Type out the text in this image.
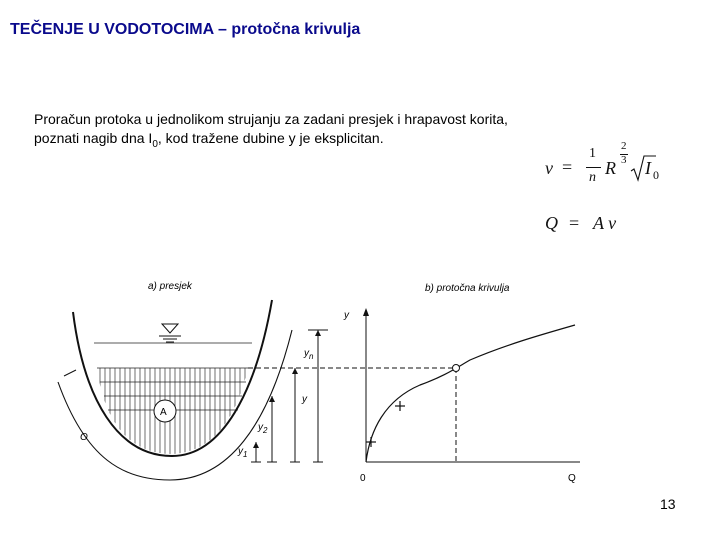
TEČENJE U VODOTOCIMA – protočna krivulja
Proračun protoka u jednolikom strujanju za zadani presjek i hrapavost korita,
poznati nagib dna $I_0$, kod tražene dubine y je eksplicitan.
v =
1
n R
2
3 I 0
Q = A v
a) presjek	b) protočna krivulja
A
O
$y_n$
y
$y_2$
$y_1$
y
0	Q
13
